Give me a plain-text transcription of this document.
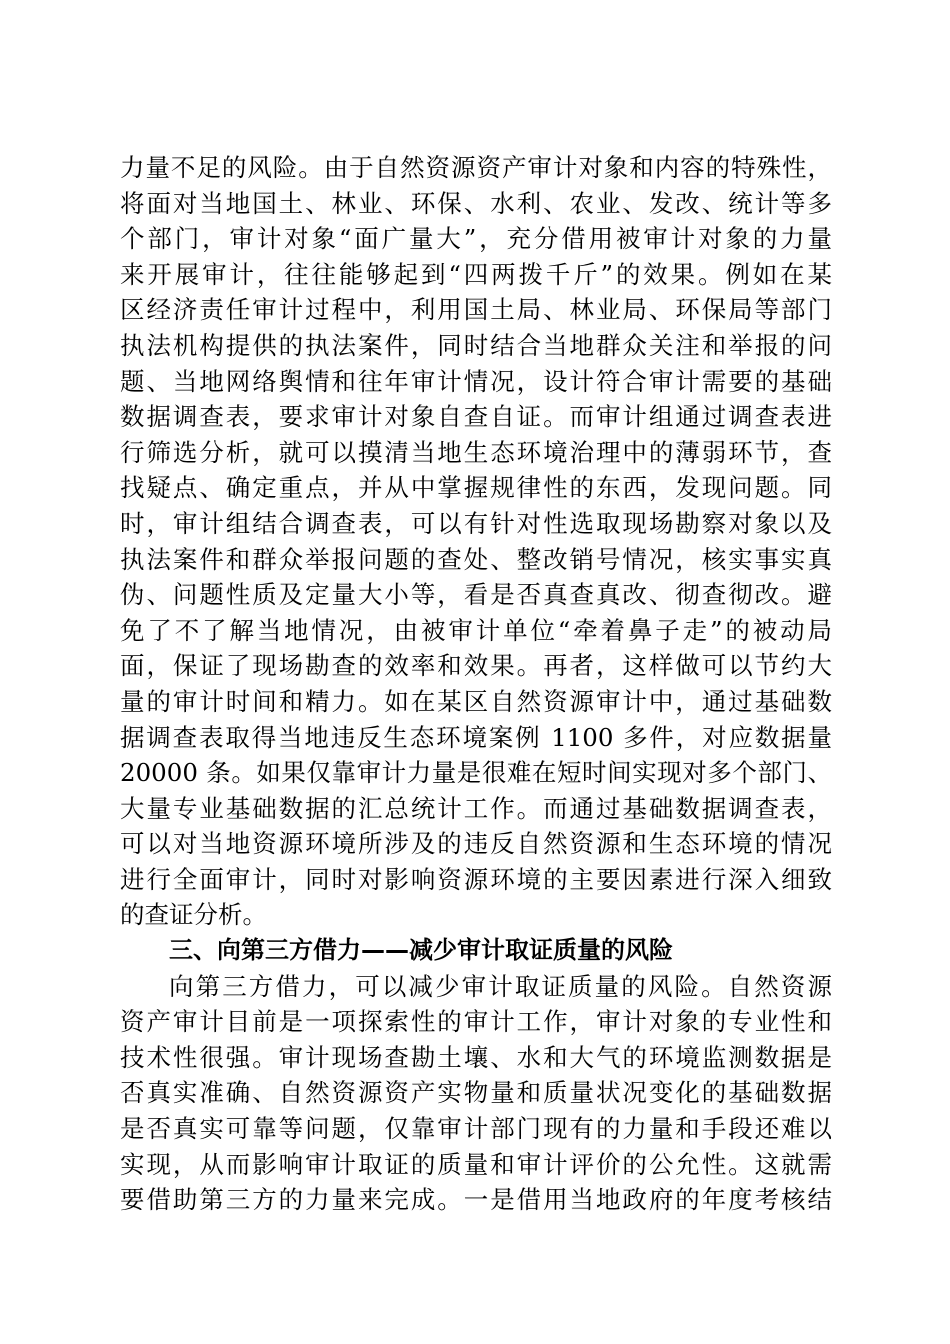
力量不足的风险。由于自然资源资产审计对象和内容的特殊性，
将面对当地国土、林业、环保、水利、农业、发改、统计等多
个部门，审计对象“面广量大”，充分借用被审计对象的力量
来开展审计，往往能够起到“四两拨千斤”的效果。例如在某
区经济责任审计过程中，利用国土局、林业局、环保局等部门
执法机构提供的执法案件，同时结合当地群众关注和举报的问
题、当地网络舆情和往年审计情况，设计符合审计需要的基础
数据调查表，要求审计对象自查自证。而审计组通过调查表进
行筛选分析，就可以摸清当地生态环境治理中的薄弱环节，查
找疑点、确定重点，并从中掌握规律性的东西，发现问题。同
时，审计组结合调查表，可以有针对性选取现场勘察对象以及
执法案件和群众举报问题的查处、整改销号情况，核实事实真
伪、问题性质及定量大小等，看是否真查真改、彻查彻改。避
免了不了解当地情况，由被审计单位“牵着鼻子走”的被动局
面，保证了现场勘查的效率和效果。再者，这样做可以节约大
量的审计时间和精力。如在某区自然资源审计中，通过基础数
据调查表取得当地违反生态环境案例 1100 多件，对应数据量
20000 条。如果仅靠审计力量是很难在短时间实现对多个部门、
大量专业基础数据的汇总统计工作。而通过基础数据调查表，
可以对当地资源环境所涉及的违反自然资源和生态环境的情况
进行全面审计，同时对影响资源环境的主要因素进行深入细致
的查证分析。
三、向第三方借力——减少审计取证质量的风险
向第三方借力，可以减少审计取证质量的风险。自然资源
资产审计目前是一项探索性的审计工作，审计对象的专业性和
技术性很强。审计现场查勘土壤、水和大气的环境监测数据是
否真实准确、自然资源资产实物量和质量状况变化的基础数据
是否真实可靠等问题，仅靠审计部门现有的力量和手段还难以
实现，从而影响审计取证的质量和审计评价的公允性。这就需
要借助第三方的力量来完成。一是借用当地政府的年度考核结
